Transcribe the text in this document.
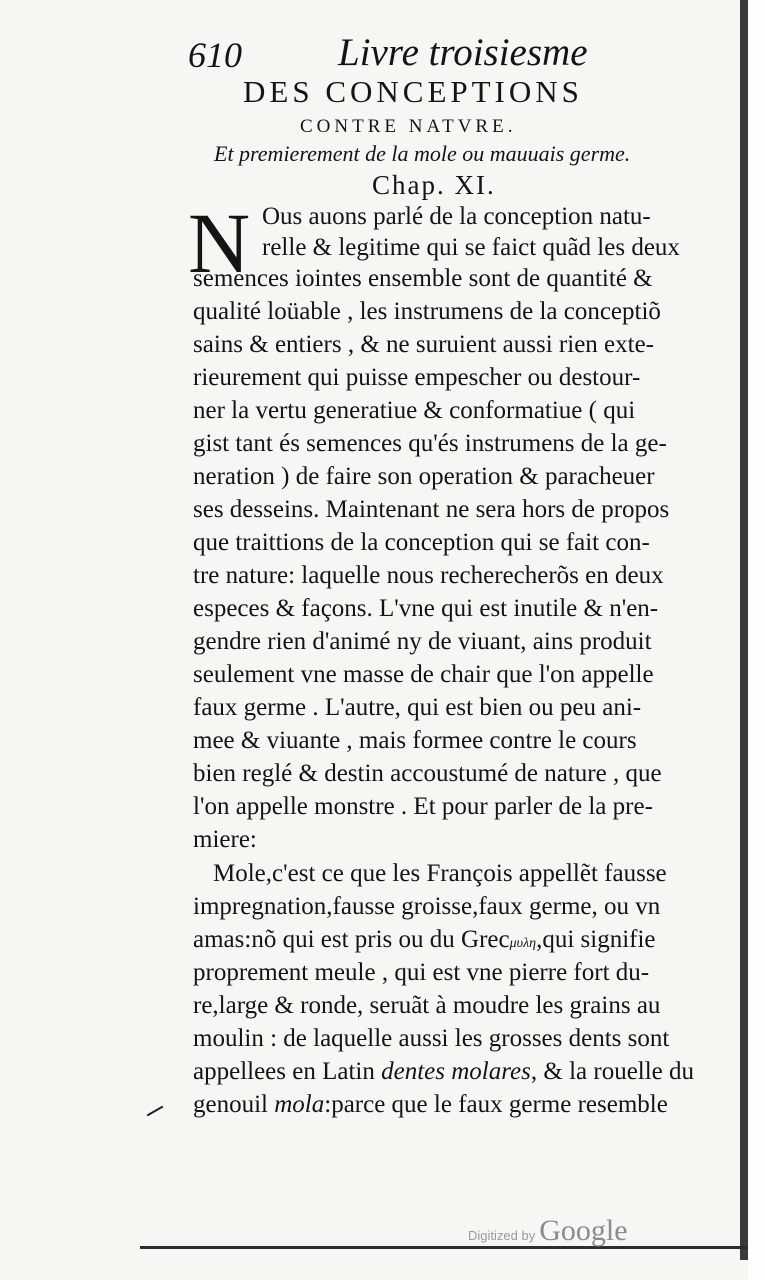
610 Livre troisiesme
DES CONCEPTIONS
CONTRE NATVRE.
Et premierement de la mole ou mauuais germe.
Chap. XI.
N Ous auons parlé de la conception natu-
relle & legitime qui se faict quãd les deux
semences iointes ensemble sont de quantité &
qualité loüable , les instrumens de la conceptiõ
sains & entiers , & ne suruient aussi rien exte-
rieurement qui puisse empescher ou destour-
ner la vertu generatiue & conformatiue ( qui
gist tant és semences qu'és instrumens de la ge-
neration ) de faire son operation & paracheuer
ses desseins. Maintenant ne sera hors de propos
que traittions de la conception qui se fait con-
tre nature: laquelle nous recherecherõs en deux
especes & façons. L'vne qui est inutile & n'en-
gendre rien d'animé ny de viuant, ains produit
seulement vne masse de chair que l'on appelle
faux germe . L'autre, qui est bien ou peu ani-
mee & viuante , mais formee contre le cours
bien reglé & destin accoustumé de nature , que
l'on appelle monstre . Et pour parler de la pre-
miere:
Mole,c'est ce que les François appellẽt fausse
impregnation,fausse groisse,faux germe, ou vn
amas:nõ qui est pris ou du Grecμυλη,qui signifie
proprement meule , qui est vne pierre fort du-
re,large & ronde, seruãt à moudre les grains au
moulin : de laquelle aussi les grosses dents sont
appellees en Latin dentes molares, & la rouelle du
genouil mola:parce que le faux germe resemble
Digitized by Google
